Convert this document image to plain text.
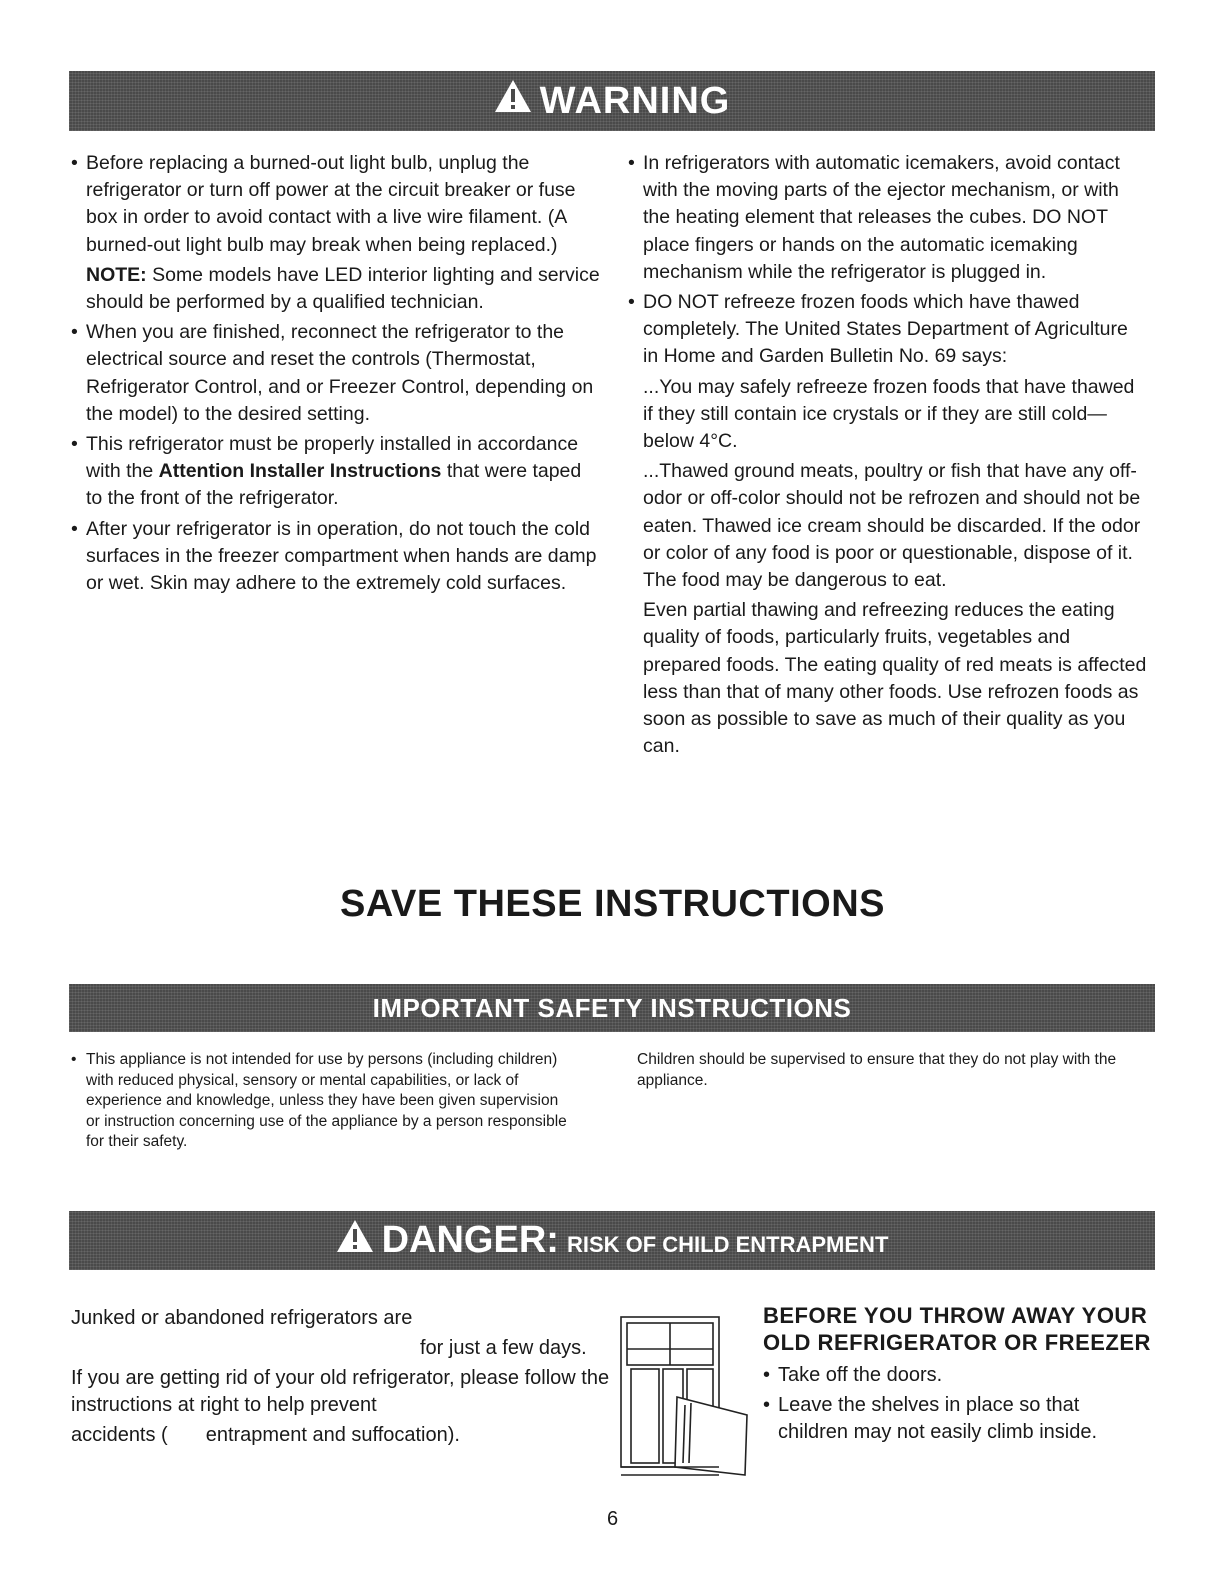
WARNING

• Before replacing a burned-out light bulb, unplug the refrigerator or turn off power at the circuit breaker or fuse box in order to avoid contact with a live wire filament. (A burned-out light bulb may break when being replaced.)

NOTE: Some models have LED interior lighting and service should be performed by a qualified technician.

• When you are finished, reconnect the refrigerator to the electrical source and reset the controls (Thermostat, Refrigerator Control, and or Freezer Control, depending on the model) to the desired setting.

• This refrigerator must be properly installed in accordance with the Attention Installer Instructions that were taped to the front of the refrigerator.

• After your refrigerator is in operation, do not touch the cold surfaces in the freezer compartment when hands are damp or wet. Skin may adhere to the extremely cold surfaces.

• In refrigerators with automatic icemakers, avoid contact with the moving parts of the ejector mechanism, or with the heating element that releases the cubes. DO NOT place fingers or hands on the automatic icemaking mechanism while the refrigerator is plugged in.

• DO NOT refreeze frozen foods which have thawed completely. The United States Department of Agriculture in Home and Garden Bulletin No. 69 says:

...You may safely refreeze frozen foods that have thawed if they still contain ice crystals or if they are still cold—below 4°C.

...Thawed ground meats, poultry or fish that have any off-odor or off-color should not be refrozen and should not be eaten. Thawed ice cream should be discarded. If the odor or color of any food is poor or questionable, dispose of it. The food may be dangerous to eat.

Even partial thawing and refreezing reduces the eating quality of foods, particularly fruits, vegetables and prepared foods. The eating quality of red meats is affected less than that of many other foods. Use refrozen foods as soon as possible to save as much of their quality as you can.

SAVE THESE INSTRUCTIONS
IMPORTANT SAFETY INSTRUCTIONS

• This appliance is not intended for use by persons (including children) with reduced physical, sensory or mental capabilities, or lack of experience and knowledge, unless they have been given supervision or instruction concerning use of the appliance by a person responsible for their safety.

Children should be supervised to ensure that they do not play with the appliance.

DANGER: RISK OF CHILD ENTRAPMENT

Junked or abandoned refrigerators are

for just a few days.

If you are getting rid of your old refrigerator, please follow the instructions at right to help prevent

accidents ( entrapment and suffocation).

BEFORE YOU THROW AWAY YOUR OLD REFRIGERATOR OR FREEZER

• Take off the doors.

• Leave the shelves in place so that children may not easily climb inside.

6
